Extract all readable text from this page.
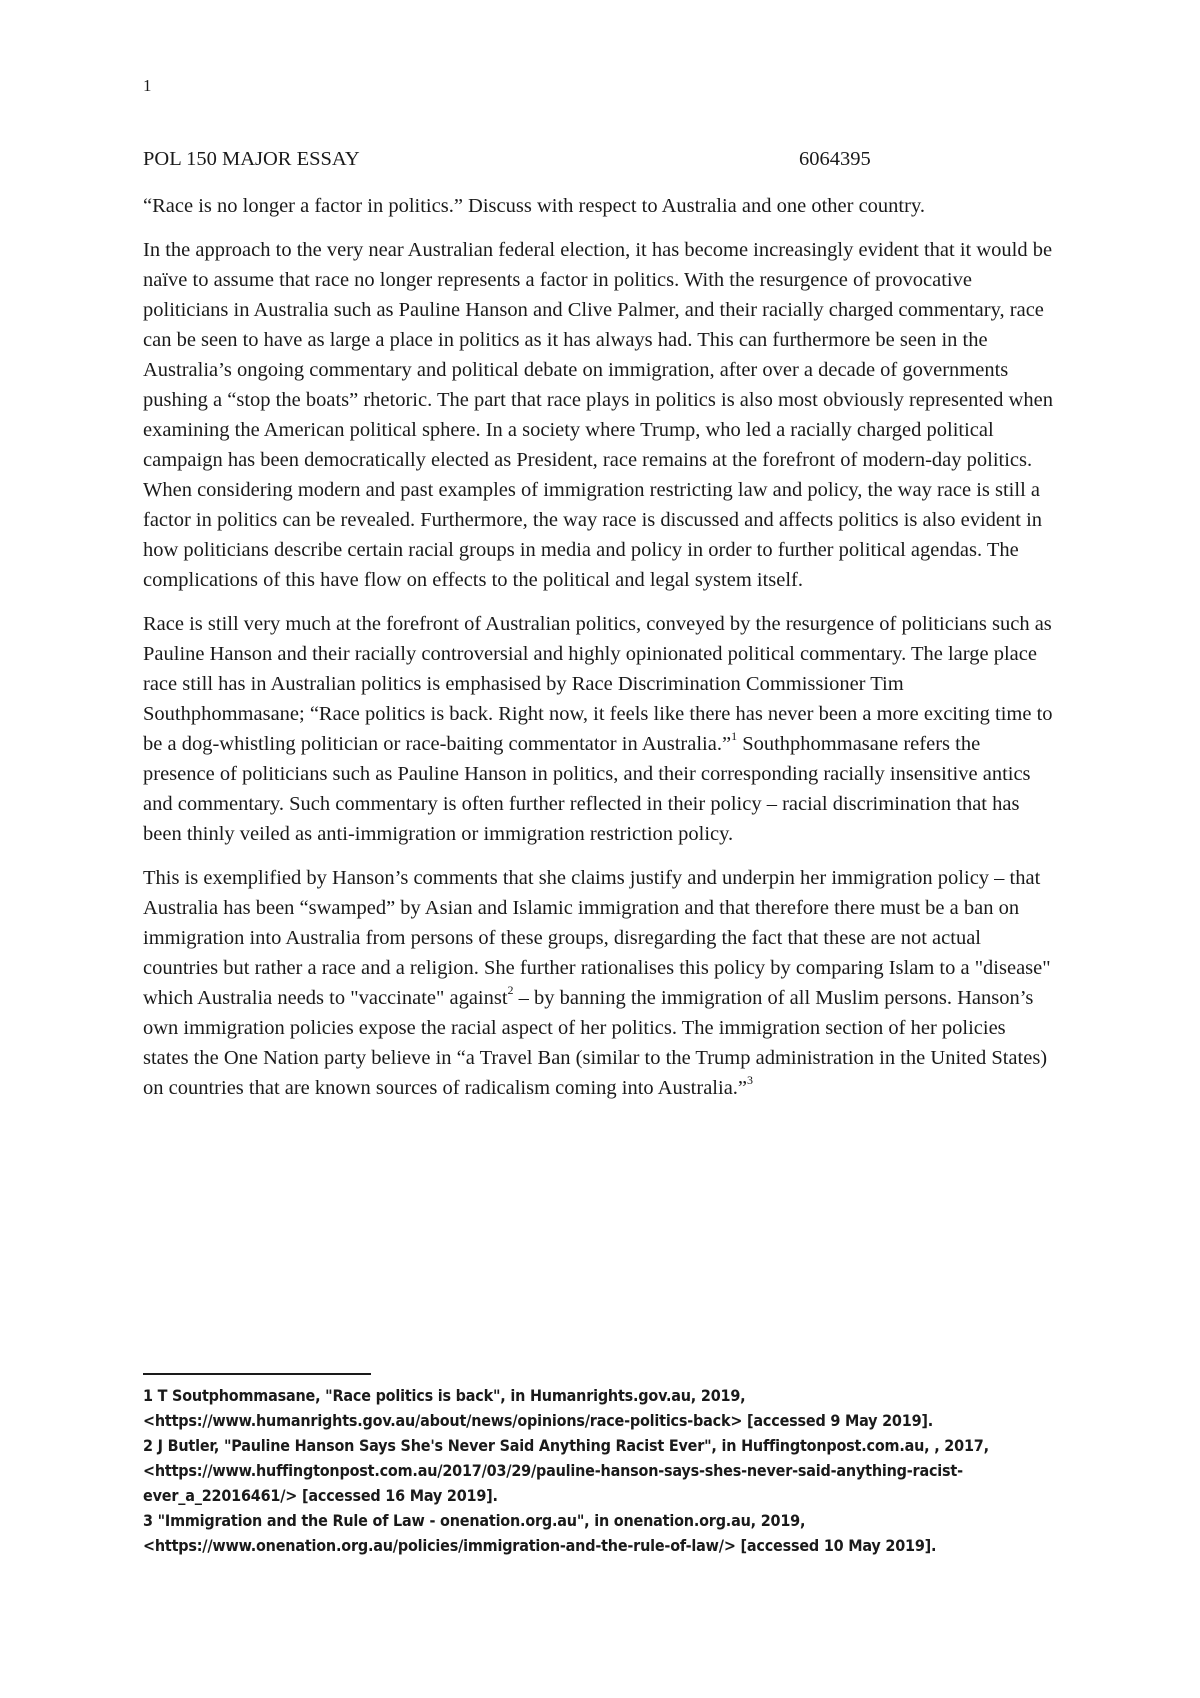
1
POL 150 MAJOR ESSAY	6064395

“Race is no longer a factor in politics.” Discuss with respect to Australia and one other country.

In the approach to the very near Australian federal election, it has become increasingly evident that it would be naïve to assume that race no longer represents a factor in politics. With the resurgence of provocative politicians in Australia such as Pauline Hanson and Clive Palmer, and their racially charged commentary, race can be seen to have as large a place in politics as it has always had. This can furthermore be seen in the Australia’s ongoing commentary and political debate on immigration, after over a decade of governments pushing a “stop the boats” rhetoric. The part that race plays in politics is also most obviously represented when examining the American political sphere. In a society where Trump, who led a racially charged political campaign has been democratically elected as President, race remains at the forefront of modern-day politics. When considering modern and past examples of immigration restricting law and policy, the way race is still a factor in politics can be revealed. Furthermore, the way race is discussed and affects politics is also evident in how politicians describe certain racial groups in media and policy in order to further political agendas. The complications of this have flow on effects to the political and legal system itself.

Race is still very much at the forefront of Australian politics, conveyed by the resurgence of politicians such as Pauline Hanson and their racially controversial and highly opinionated political commentary. The large place race still has in Australian politics is emphasised by Race Discrimination Commissioner Tim Southphommasane; “Race politics is back. Right now, it feels like there has never been a more exciting time to be a dog-whistling politician or race-baiting commentator in Australia.”$^1$ Southphommasane refers the presence of politicians such as Pauline Hanson in politics, and their corresponding racially insensitive antics and commentary. Such commentary is often further reflected in their policy – racial discrimination that has been thinly veiled as anti-immigration or immigration restriction policy.

This is exemplified by Hanson’s comments that she claims justify and underpin her immigration policy – that Australia has been “swamped” by Asian and Islamic immigration and that therefore there must be a ban on immigration into Australia from persons of these groups, disregarding the fact that these are not actual countries but rather a race and a religion. She further rationalises this policy by comparing Islam to a "disease" which Australia needs to "vaccinate" against$^2$ – by banning the immigration of all Muslim persons. Hanson’s own immigration policies expose the racial aspect of her politics. The immigration section of her policies states the One Nation party believe in “a Travel Ban (similar to the Trump administration in the United States) on countries that are known sources of radicalism coming into Australia.”$^3$

1 T Soutphommasane, "Race politics is back", in Humanrights.gov.au, 2019,
<https://www.humanrights.gov.au/about/news/opinions/race-politics-back> [accessed 9 May 2019].
2 J Butler, "Pauline Hanson Says She's Never Said Anything Racist Ever", in Huffingtonpost.com.au, , 2017,
<https://www.huffingtonpost.com.au/2017/03/29/pauline-hanson-says-shes-never-said-anything-racist-
ever_a_22016461/> [accessed 16 May 2019].
3 "Immigration and the Rule of Law - onenation.org.au", in onenation.org.au, 2019,
<https://www.onenation.org.au/policies/immigration-and-the-rule-of-law/> [accessed 10 May 2019].
